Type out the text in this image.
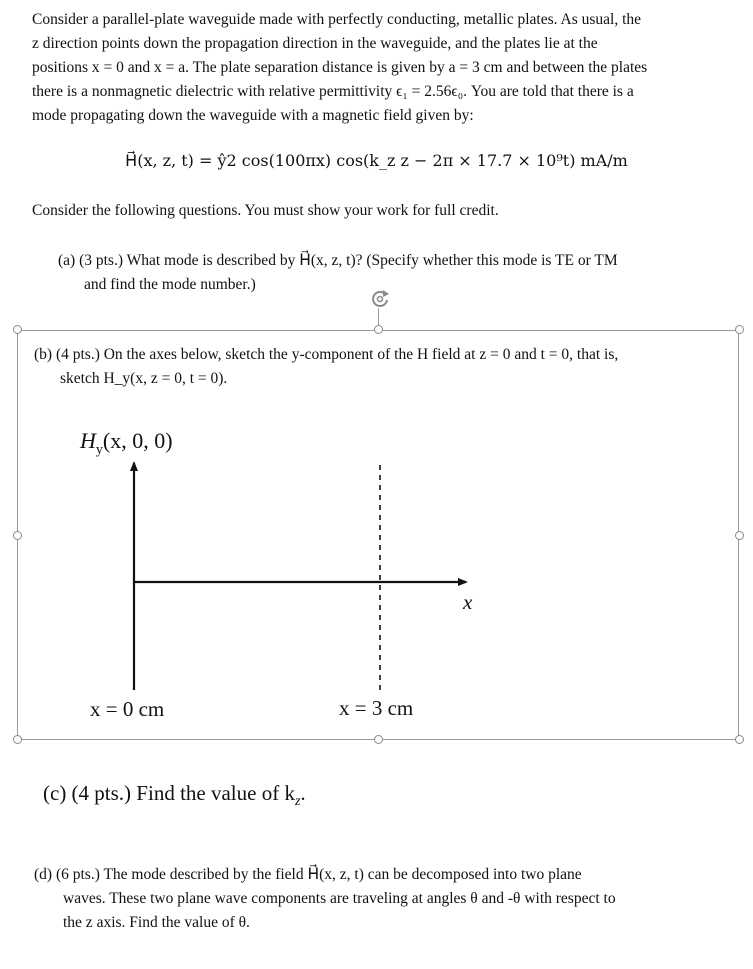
Consider a parallel-plate waveguide made with perfectly conducting, metallic plates. As usual, the
z direction points down the propagation direction in the waveguide, and the plates lie at the
positions x = 0 and x = a. The plate separation distance is given by a = 3 cm and between the plates
there is a nonmagnetic dielectric with relative permittivity ϵ₁ = 2.56ϵ₀. You are told that there is a
mode propagating down the waveguide with a magnetic field given by:
H⃗(x, z, t) = ŷ2 cos(100πx) cos(k_z z − 2π × 17.7 × 10⁹t) mA/m
Consider the following questions. You must show your work for full credit.
(a) (3 pts.) What mode is described by H⃗(x, z, t)? (Specify whether this mode is TE or TM
and find the mode number.)
(b) (4 pts.) On the axes below, sketch the y-component of the H field at z = 0 and t = 0, that is,
sketch H_y(x, z = 0, t = 0).
$H_y(x$, 0, 0)
x
x = 0 cm	x = 3 cm
(c) (4 pts.) Find the value of $k_z$.
(d) (6 pts.) The mode described by the field H⃗(x, z, t) can be decomposed into two plane
waves. These two plane wave components are traveling at angles θ and -θ with respect to
the z axis. Find the value of θ.
